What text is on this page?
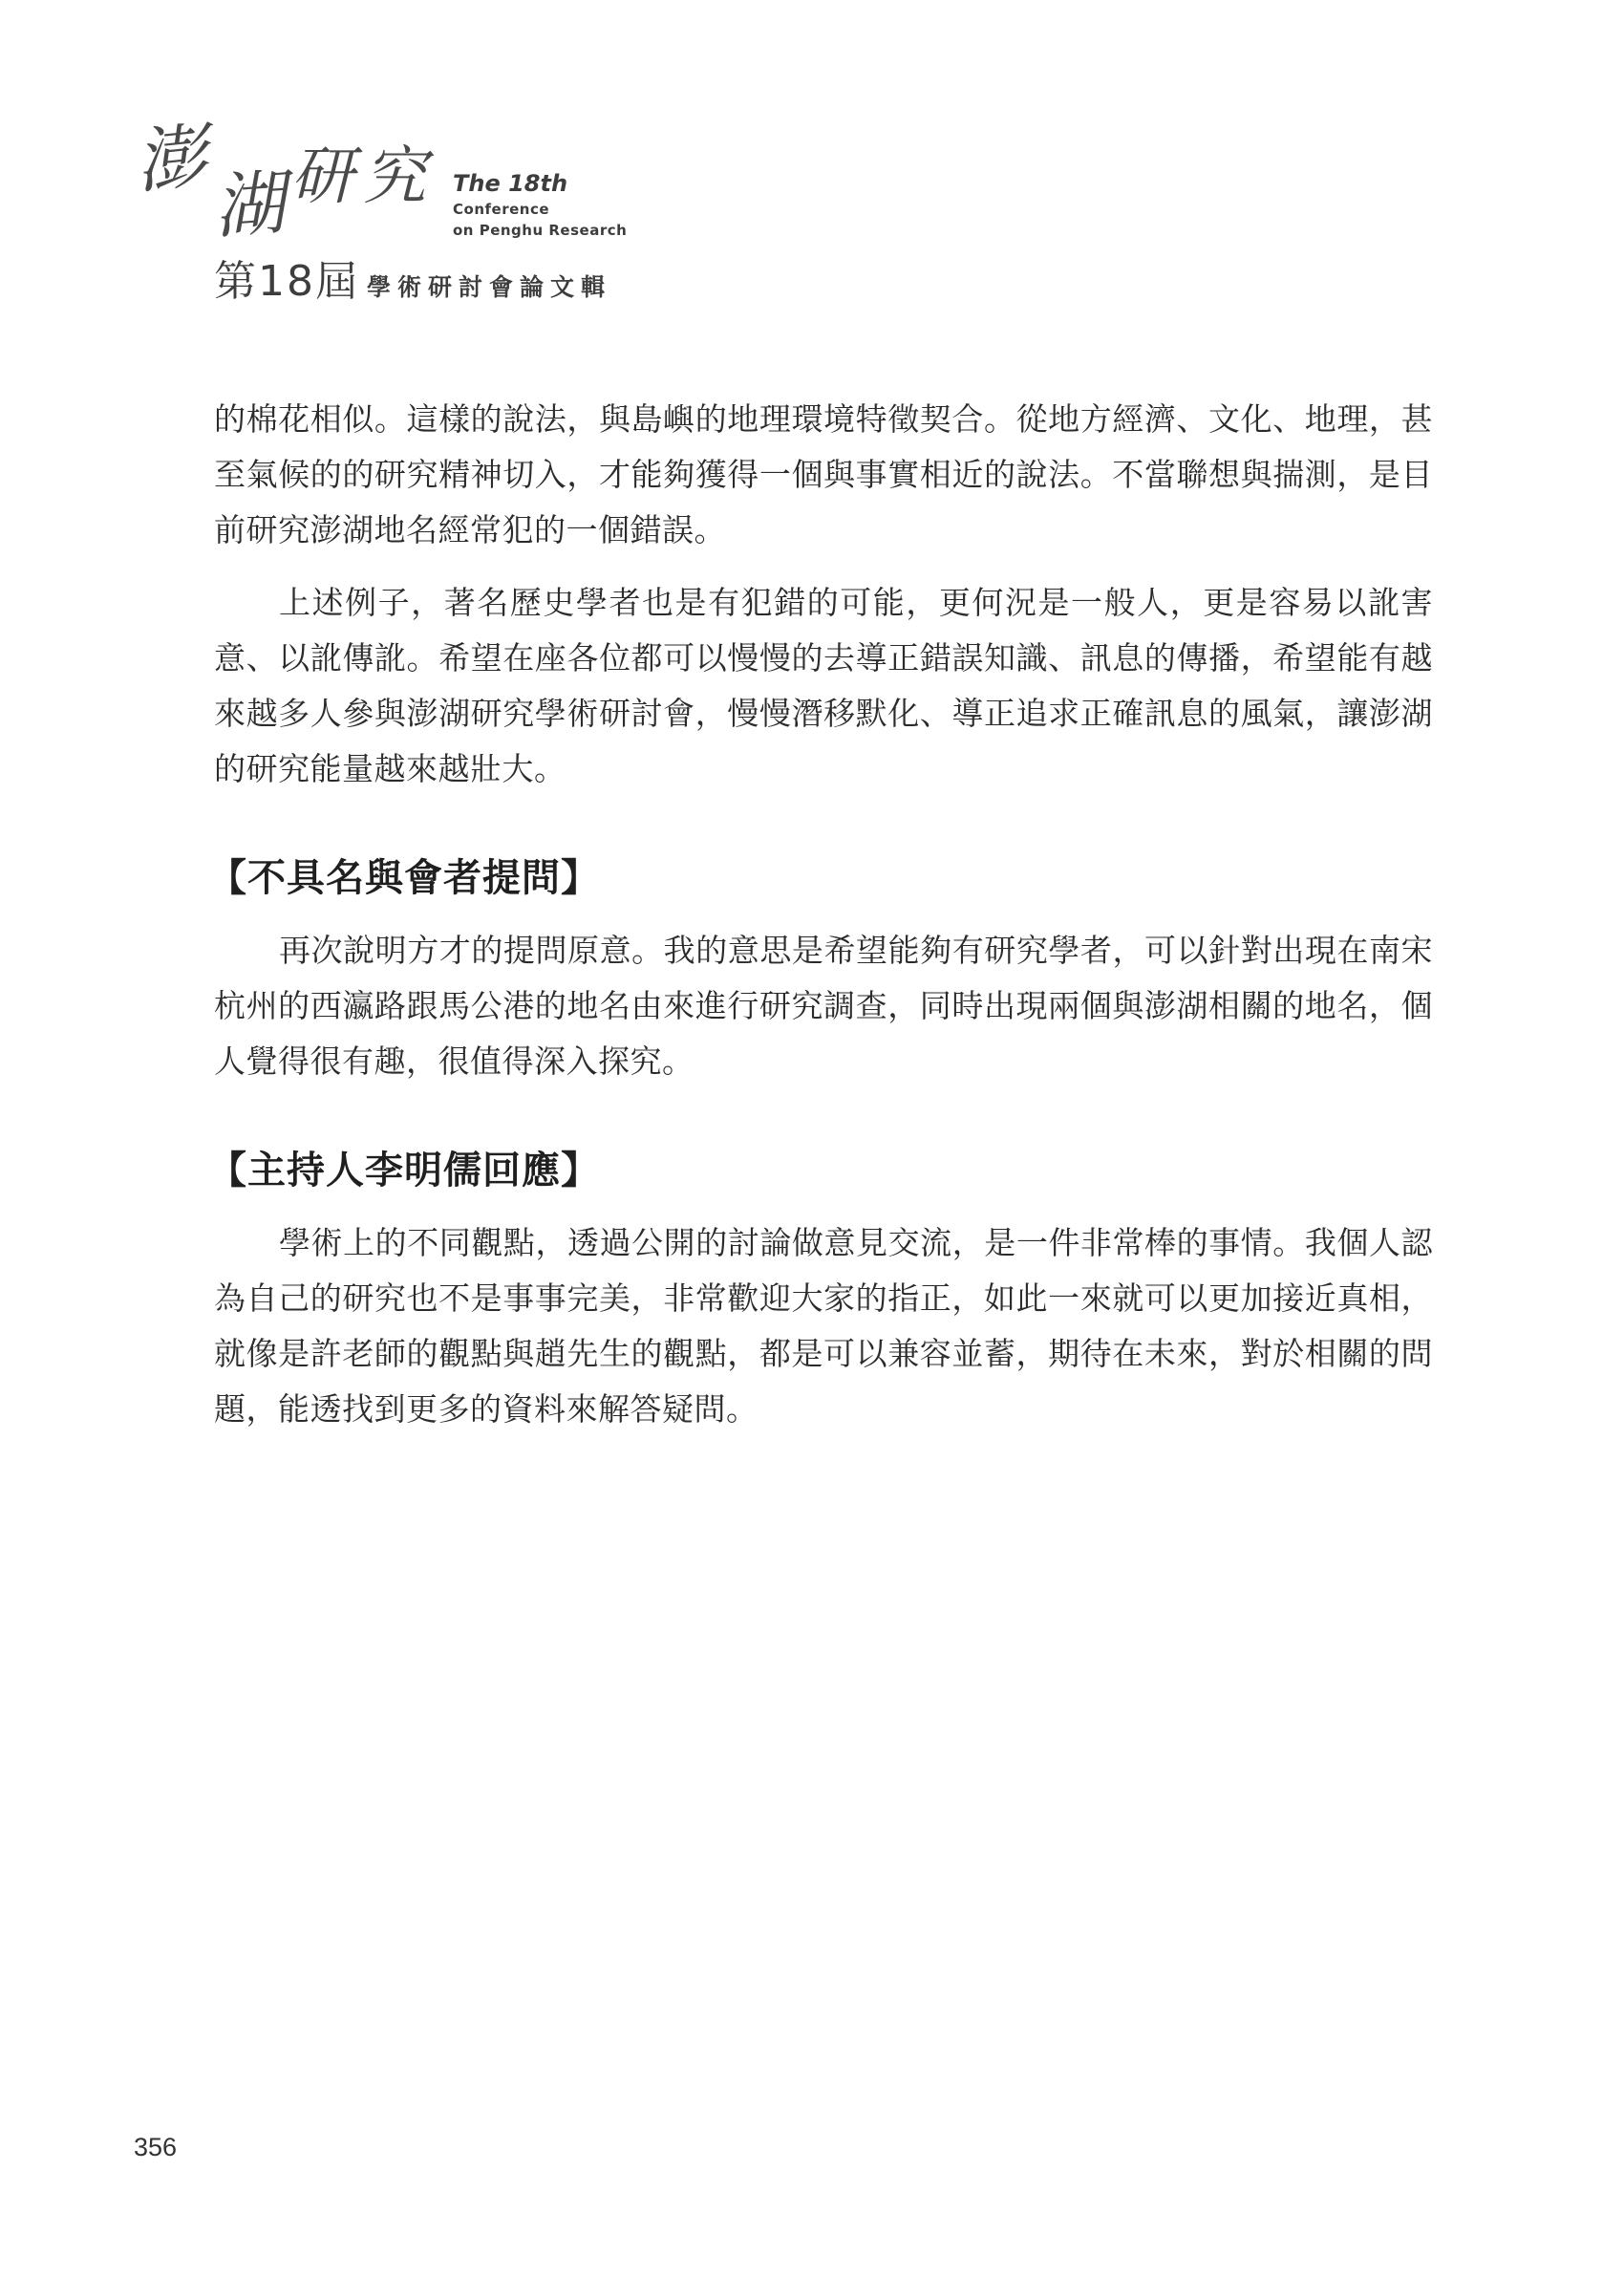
澎
湖 研 究 The 18th
Conference
on Penghu Research
第18屆 學術研討會論文輯

的棉花相似。這樣的說法，與島嶼的地理環境特徵契合。從地方經濟、文化、地理，甚至氣候的的研究精神切入，才能夠獲得一個與事實相近的說法。不當聯想與揣測，是目前研究澎湖地名經常犯的一個錯誤。

上述例子，著名歷史學者也是有犯錯的可能，更何況是一般人，更是容易以訛害意、以訛傳訛。希望在座各位都可以慢慢的去導正錯誤知識、訊息的傳播，希望能有越來越多人參與澎湖研究學術研討會，慢慢潛移默化、導正追求正確訊息的風氣，讓澎湖的研究能量越來越壯大。

【不具名與會者提問】

再次說明方才的提問原意。我的意思是希望能夠有研究學者，可以針對出現在南宋杭州的西瀛路跟馬公港的地名由來進行研究調查，同時出現兩個與澎湖相關的地名，個人覺得很有趣，很值得深入探究。

【主持人李明儒回應】

學術上的不同觀點，透過公開的討論做意見交流，是一件非常棒的事情。我個人認為自己的研究也不是事事完美，非常歡迎大家的指正，如此一來就可以更加接近真相，就像是許老師的觀點與趙先生的觀點，都是可以兼容並蓄，期待在未來，對於相關的問題，能透找到更多的資料來解答疑問。

356
